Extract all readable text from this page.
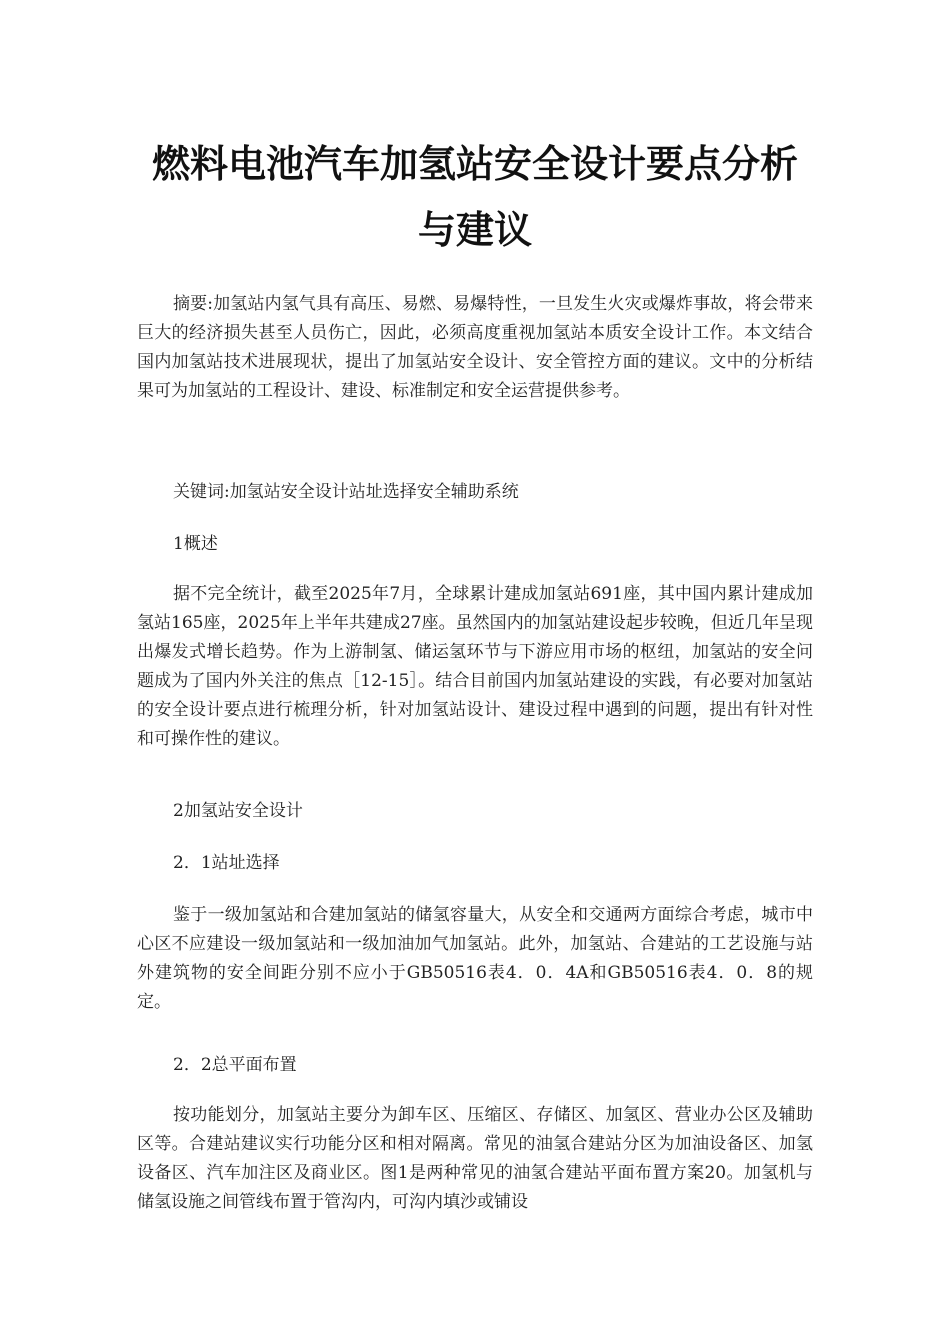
燃料电池汽车加氢站安全设计要点分析
与建议

摘要:加氢站内氢气具有高压、易燃、易爆特性，一旦发生火灾或爆炸事故，将会带来巨大的经济损失甚至人员伤亡，因此，必须高度重视加氢站本质安全设计工作。本文结合国内加氢站技术进展现状，提出了加氢站安全设计、安全管控方面的建议。文中的分析结果可为加氢站的工程设计、建设、标准制定和安全运营提供参考。

关键词:加氢站安全设计站址选择安全辅助系统

1概述

据不完全统计，截至2025年7月，全球累计建成加氢站691座，其中国内累计建成加氢站165座，2025年上半年共建成27座。虽然国内的加氢站建设起步较晚，但近几年呈现出爆发式增长趋势。作为上游制氢、储运氢环节与下游应用市场的枢纽，加氢站的安全问题成为了国内外关注的焦点［12-15］。结合目前国内加氢站建设的实践，有必要对加氢站的安全设计要点进行梳理分析，针对加氢站设计、建设过程中遇到的问题，提出有针对性和可操作性的建议。

2加氢站安全设计

2．1站址选择

鉴于一级加氢站和合建加氢站的储氢容量大，从安全和交通两方面综合考虑，城市中心区不应建设一级加氢站和一级加油加气加氢站。此外，加氢站、合建站的工艺设施与站外建筑物的安全间距分别不应小于GB50516表4．0．4A和GB50516表4．0．8的规定。

2．2总平面布置

按功能划分，加氢站主要分为卸车区、压缩区、存储区、加氢区、营业办公区及辅助区等。合建站建议实行功能分区和相对隔离。常见的油氢合建站分区为加油设备区、加氢设备区、汽车加注区及商业区。图1是两种常见的油氢合建站平面布置方案20。加氢机与储氢设施之间管线布置于管沟内，可沟内填沙或铺设
